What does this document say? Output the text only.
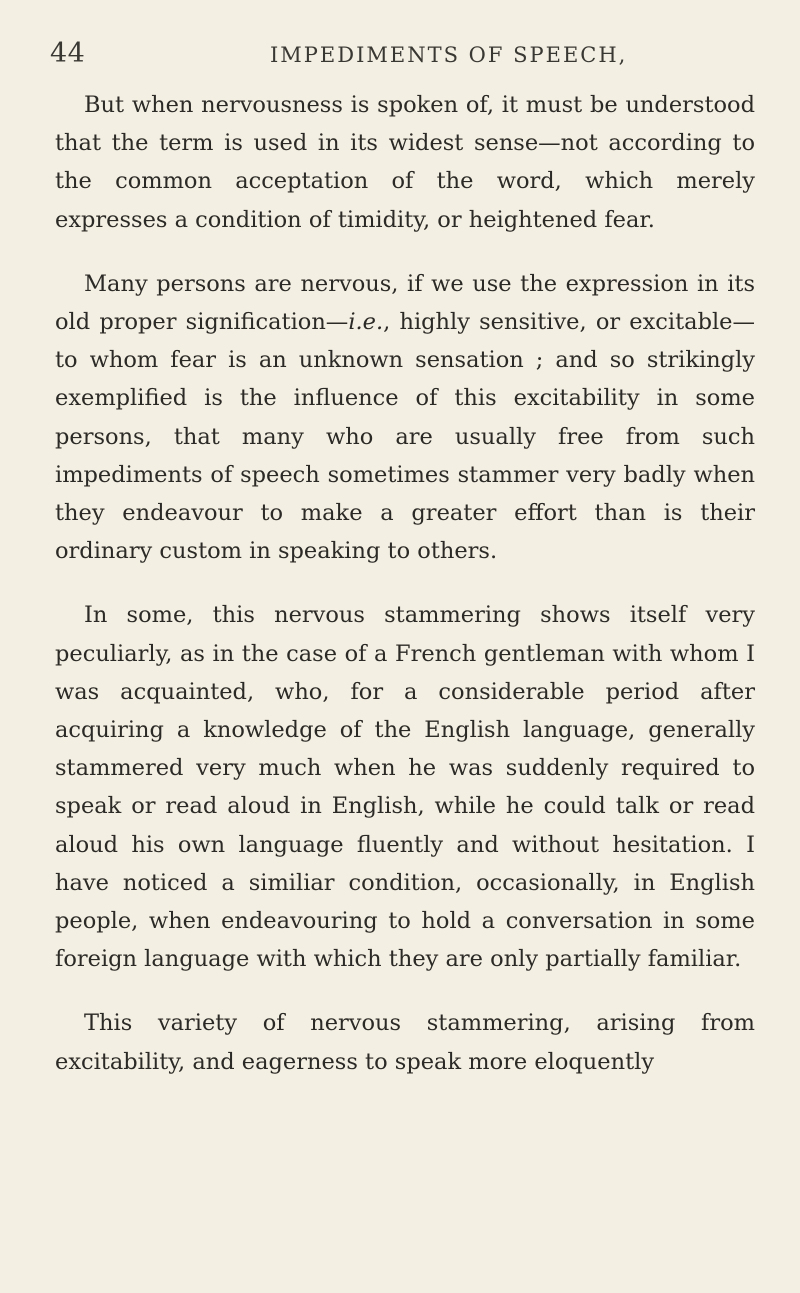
44	IMPEDIMENTS OF SPEECH,

But when nervousness is spoken of, it must be understood that the term is used in its widest sense—not according to the common acceptation of the word, which merely expresses a condition of timidity, or heightened fear.

Many persons are nervous, if we use the expression in its old proper signification—i.e., highly sensitive, or excitable—to whom fear is an unknown sensation ; and so strikingly exemplified is the influence of this excitability in some persons, that many who are usually free from such impediments of speech sometimes stammer very badly when they endeavour to make a greater effort than is their ordinary custom in speaking to others.

In some, this nervous stammering shows itself very peculiarly, as in the case of a French gentleman with whom I was acquainted, who, for a considerable period after acquiring a knowledge of the English language, generally stammered very much when he was suddenly required to speak or read aloud in English, while he could talk or read aloud his own language fluently and without hesitation. I have noticed a similiar condition, occasionally, in English people, when endeavouring to hold a conversation in some foreign language with which they are only partially familiar.

This variety of nervous stammering, arising from excitability, and eagerness to speak more eloquently
